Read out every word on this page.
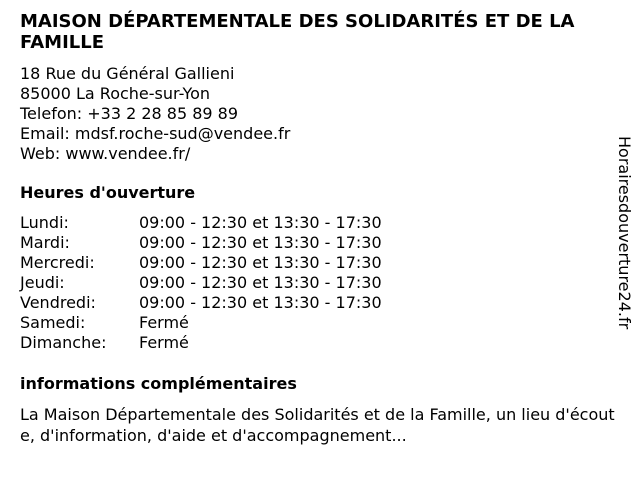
MAISON DÉPARTEMENTALE DES SOLIDARITÉS ET DE LA FAMILLE
18 Rue du Général Gallieni
85000 La Roche-sur-Yon
Telefon: +33 2 28 85 89 89
Email: mdsf.roche-sud@vendee.fr
Web: www.vendee.fr/
Heures d'ouverture
Lundi:	09:00 - 12:30 et 13:30 - 17:30
Mardi:	09:00 - 12:30 et 13:30 - 17:30
Mercredi:	09:00 - 12:30 et 13:30 - 17:30
Jeudi:	09:00 - 12:30 et 13:30 - 17:30
Vendredi:	09:00 - 12:30 et 13:30 - 17:30
Samedi:	Fermé
Dimanche: Fermé
informations complémentaires

La Maison Départementale des Solidarités et de la Famille, un lieu d'écoute, d'information, d'aide et d'accompagnement...

Horairesdouverture24.fr
